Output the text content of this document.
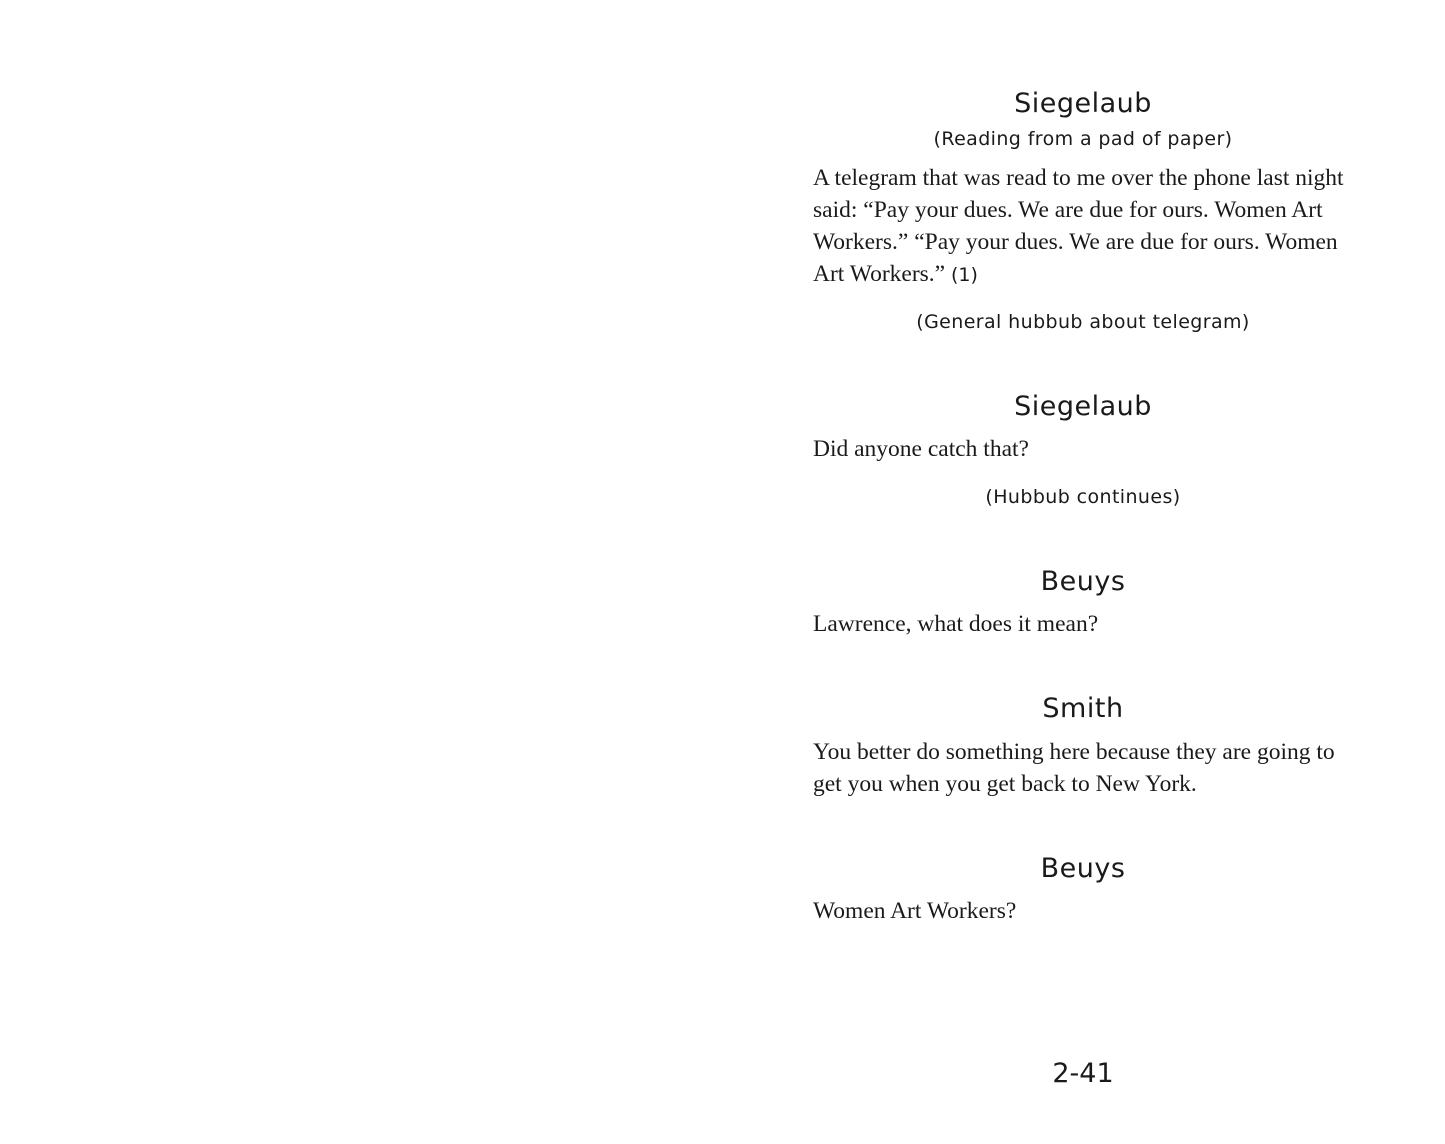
Siegelaub
(Reading from a pad of paper)

A telegram that was read to me over the phone last night said: “Pay your dues. We are due for ours. Women Art Workers.” “Pay your dues. We are due for ours. Women Art Workers.” (1)

(General hubbub about telegram)
Siegelaub

Did anyone catch that?

(Hubbub continues)
Beuys

Lawrence, what does it mean?

Smith

You better do something here because they are going to get you when you get back to New York.

Beuys

Women Art Workers?

2-41
